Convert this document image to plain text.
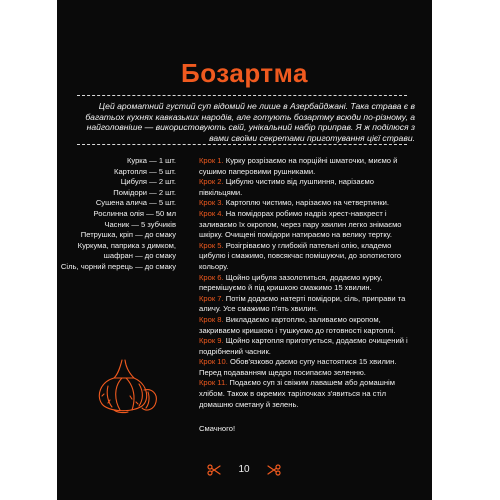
Бозартма
Цей ароматний густий суп відомий не лише в Азербайджані. Така страва є в багатьох кухнях кавказьких народів, але готують бозартму всюди по-різному, а найголовніше — використовують свій, унікальний набір приправ. Я ж поділюся з вами своїми секретами приготування цієї страви.
Курка — 1 шт.
Картопля — 5 шт.
Цибуля — 2 шт.
Помідори — 2 шт.
Сушена алича — 5 шт.
Рослинна олія — 50 мл
Часник — 5 зубчиків
Петрушка, кріп — до смаку
Куркума, паприка з димком,
шафран — до смаку
Сіль, чорний перець — до смаку

Крок 1. Курку розрізаємо на порційні шматочки, миємо й сушимо паперовими рушниками.

Крок 2. Цибулю чистимо від лушпиння, нарізаємо півкільцями.

Крок 3. Картоплю чистимо, нарізаємо на четвертинки.

Крок 4. На помідорах робимо надріз хрест-навхрест і заливаємо їх окропом, через пару хвилин легко знімаємо шкірку. Очищені помідори натираємо на велику тертку.

Крок 5. Розігріваємо у глибокій пательні олію, кладемо цибулю і смажимо, повсякчас помішуючи, до золотистого кольору.

Крок 6. Щойно цибуля зазолотиться, додаємо курку, перемішуємо й під кришкою смажимо 15 хвилин.

Крок 7. Потім додаємо натерті помідори, сіль, приправи та аличу. Усе смажимо п'ять хвилин.

Крок 8. Викладаємо картоплю, заливаємо окропом, закриваємо кришкою і тушкуємо до готовності картоплі.

Крок 9. Щойно картопля приготується, додаємо очищений і подрібнений часник.

Крок 10. Обов'язково даємо супу настоятися 15 хвилин. Перед подаванням щедро посипаємо зеленню.

Крок 11. Подаємо суп зі свіжим лавашем або домашнім хлібом. Також в окремих тарілочках з'явиться на стіл домашню сметану й зелень.

Смачного!

10
